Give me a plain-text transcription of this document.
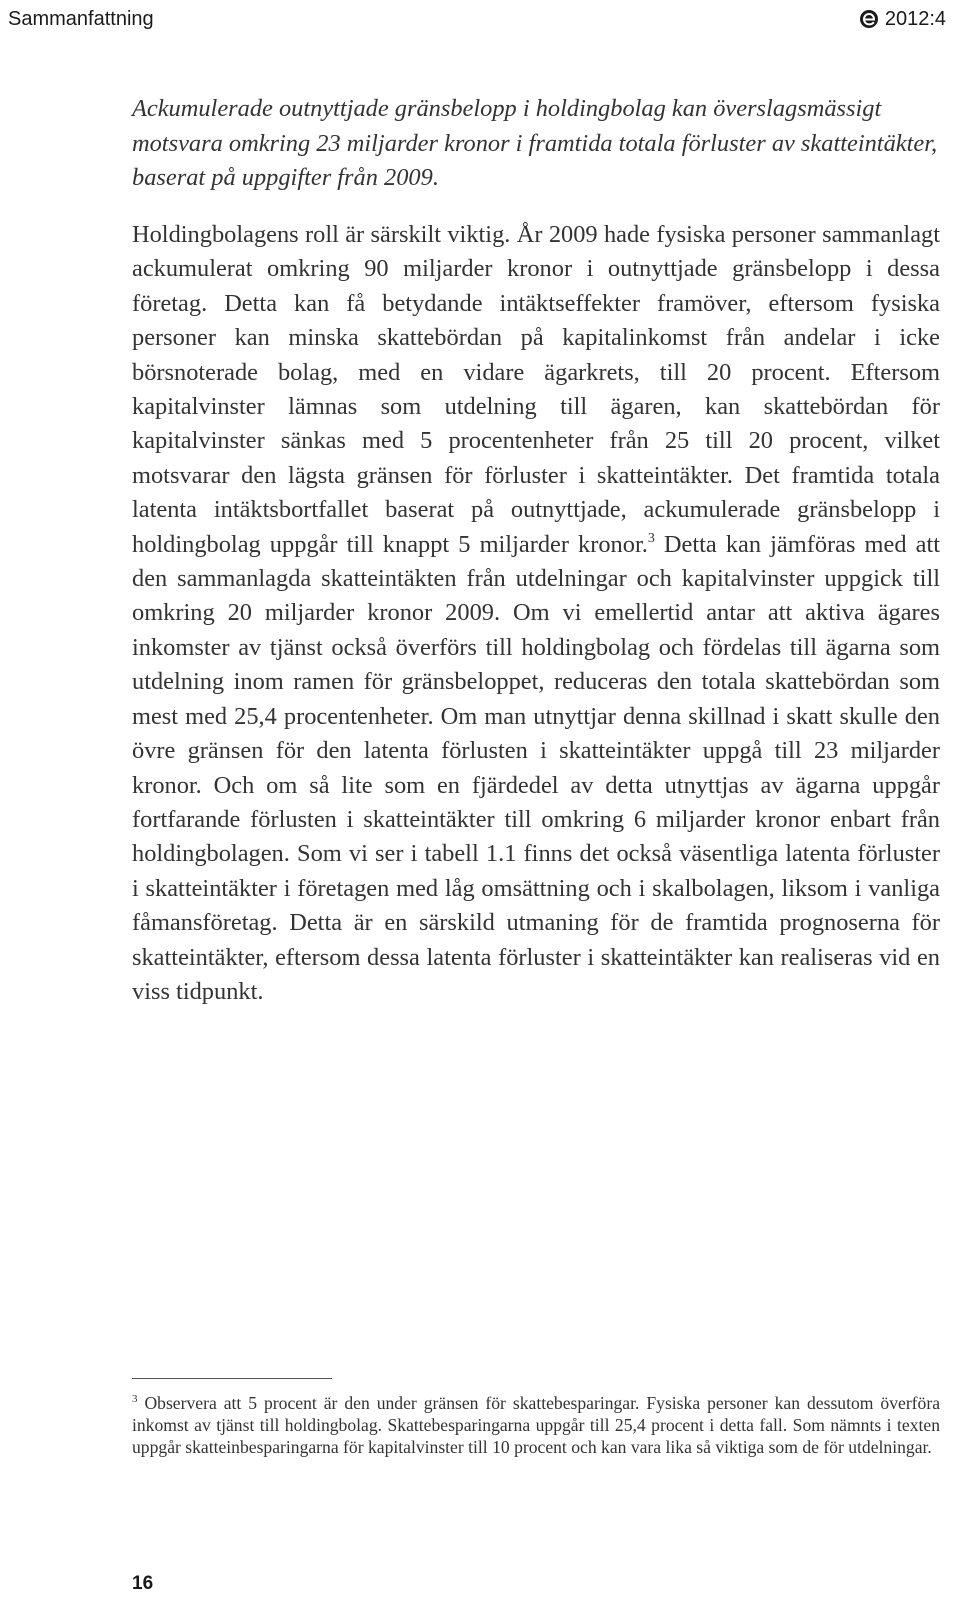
Sammanfattning	2012:4

Ackumulerade outnyttjade gränsbelopp i holdingbolag kan överslagsmässigt motsvara omkring 23 miljarder kronor i framtida totala förluster av skatteintäkter, baserat på uppgifter från 2009.

Holdingbolagens roll är särskilt viktig. År 2009 hade fysiska personer sammanlagt ackumulerat omkring 90 miljarder kronor i outnyttjade gränsbelopp i dessa företag. Detta kan få betydande intäktseffekter framöver, eftersom fysiska personer kan minska skattebördan på kapitalinkomst från andelar i icke börsnoterade bolag, med en vidare ägarkrets, till 20 procent. Eftersom kapitalvinster lämnas som utdelning till ägaren, kan skattebördan för kapitalvinster sänkas med 5 procentenheter från 25 till 20 procent, vilket motsvarar den lägsta gränsen för förluster i skatteintäkter. Det framtida totala latenta intäktsbortfallet baserat på outnyttjade, ackumulerade gränsbelopp i holdingbolag uppgår till knappt 5 miljarder kronor.$^3$ Detta kan jämföras med att den sammanlagda skatteintäkten från utdelningar och kapitalvinster uppgick till omkring 20 miljarder kronor 2009. Om vi emellertid antar att aktiva ägares inkomster av tjänst också överförs till holdingbolag och fördelas till ägarna som utdelning inom ramen för gränsbeloppet, reduceras den totala skattebördan som mest med 25,4 procentenheter. Om man utnyttjar denna skillnad i skatt skulle den övre gränsen för den latenta förlusten i skatteintäkter uppgå till 23 miljarder kronor. Och om så lite som en fjärdedel av detta utnyttjas av ägarna uppgår fortfarande förlusten i skatteintäkter till omkring 6 miljarder kronor enbart från holdingbolagen. Som vi ser i tabell 1.1 finns det också väsentliga latenta förluster i skatteintäkter i företagen med låg omsättning och i skalbolagen, liksom i vanliga fåmansföretag. Detta är en särskild utmaning för de framtida prognoserna för skatteintäkter, eftersom dessa latenta förluster i skatteintäkter kan realiseras vid en viss tidpunkt.

$^3$ Observera att 5 procent är den under gränsen för skattebesparingar. Fysiska personer kan dessutom överföra inkomst av tjänst till holdingbolag. Skattebesparingarna uppgår till 25,4 procent i detta fall. Som nämnts i texten uppgår skatteinbesparingarna för kapitalvinster till 10 procent och kan vara lika så viktiga som de för utdelningar.

16
